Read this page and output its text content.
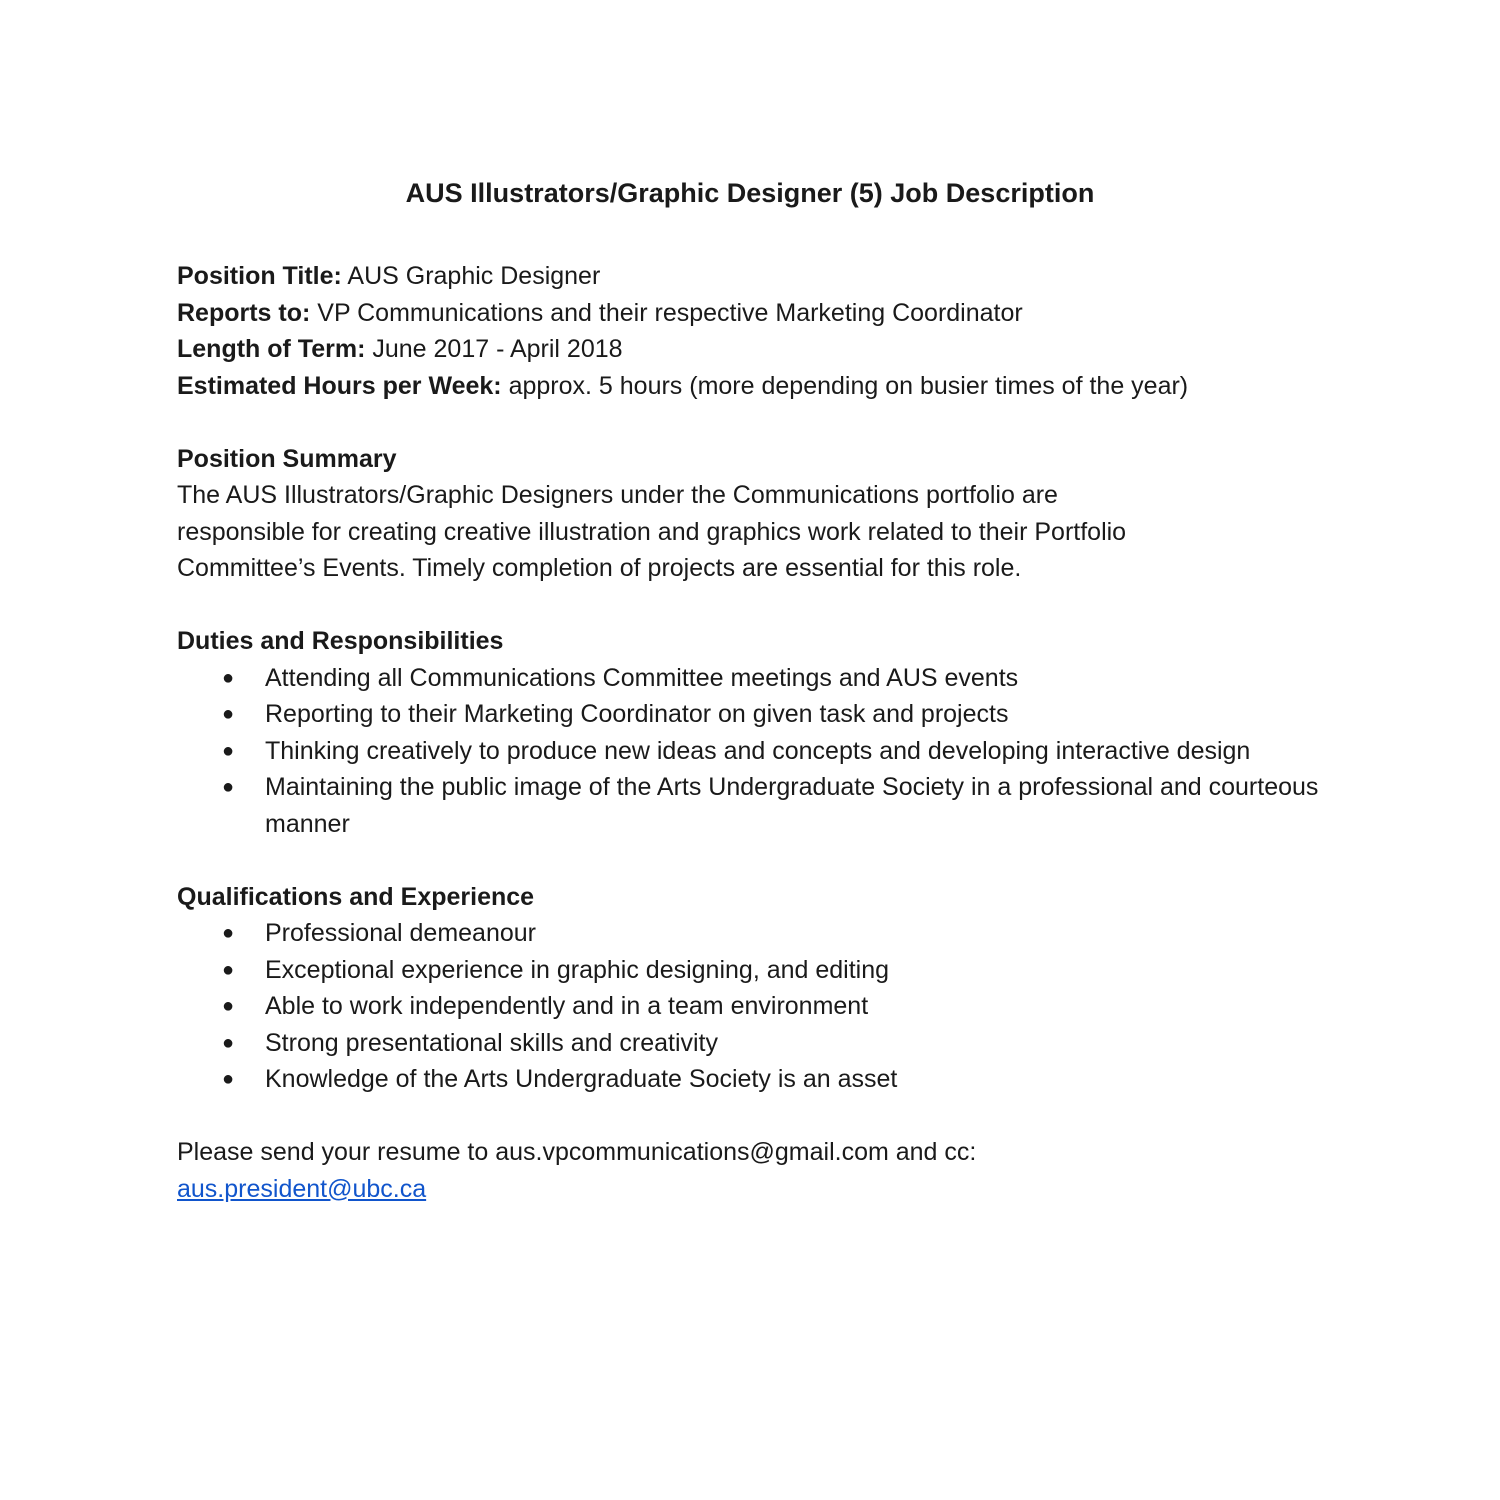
AUS Illustrators/Graphic Designer (5) Job Description
Position Title: AUS Graphic Designer
Reports to: VP Communications and their respective Marketing Coordinator
Length of Term: June 2017 - April 2018
Estimated Hours per Week: approx. 5 hours (more depending on busier times of the year)
Position Summary
The AUS Illustrators/Graphic Designers under the Communications portfolio are
responsible for creating creative illustration and graphics work related to their Portfolio
Committee’s Events. Timely completion of projects are essential for this role.
Duties and Responsibilities
● Attending all Communications Committee meetings and AUS events
● Reporting to their Marketing Coordinator on given task and projects
● Thinking creatively to produce new ideas and concepts and developing interactive design
● Maintaining the public image of the Arts Undergraduate Society in a professional and courteous manner
Qualifications and Experience
● Professional demeanour
● Exceptional experience in graphic designing, and editing
● Able to work independently and in a team environment
● Strong presentational skills and creativity
● Knowledge of the Arts Undergraduate Society is an asset
Please send your resume to aus.vpcommunications@gmail.com and cc:
aus.president@ubc.ca
